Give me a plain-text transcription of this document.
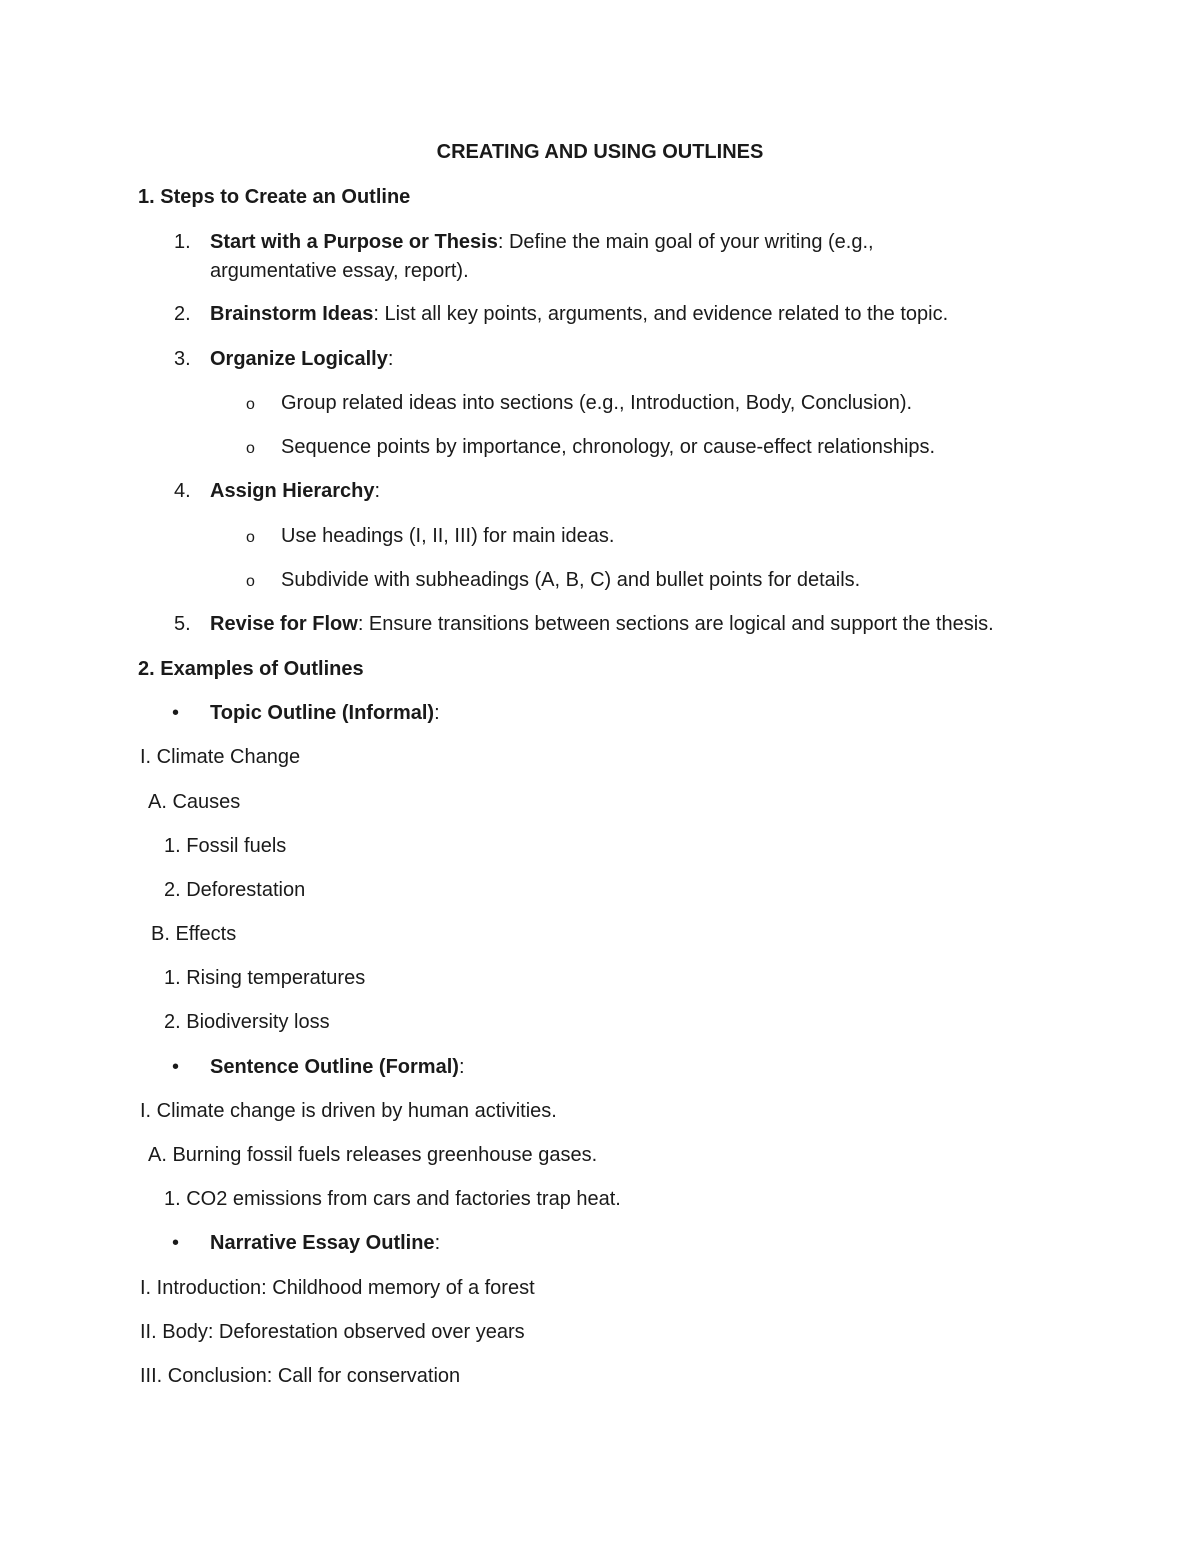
CREATING AND USING OUTLINES
1. Steps to Create an Outline
1. Start with a Purpose or Thesis: Define the main goal of your writing (e.g.,
argumentative essay, report).
2. Brainstorm Ideas: List all key points, arguments, and evidence related to the topic.
3. Organize Logically:
o Group related ideas into sections (e.g., Introduction, Body, Conclusion).
o Sequence points by importance, chronology, or cause-effect relationships.
4. Assign Hierarchy:
o Use headings (I, II, III) for main ideas.
o Subdivide with subheadings (A, B, C) and bullet points for details.
5. Revise for Flow: Ensure transitions between sections are logical and support the thesis.
2. Examples of Outlines
• Topic Outline (Informal):
I. Climate Change
A. Causes
1. Fossil fuels
2. Deforestation
B. Effects
1. Rising temperatures
2. Biodiversity loss
• Sentence Outline (Formal):
I. Climate change is driven by human activities.
A. Burning fossil fuels releases greenhouse gases.
1. CO2 emissions from cars and factories trap heat.
• Narrative Essay Outline:
I. Introduction: Childhood memory of a forest
II. Body: Deforestation observed over years
III. Conclusion: Call for conservation
